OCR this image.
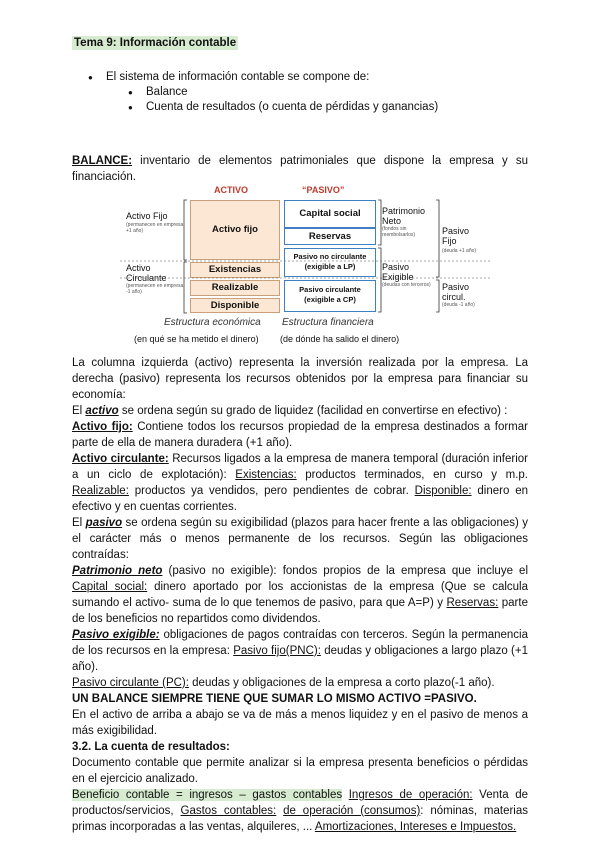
Tema 9: Información contable
● El sistema de información contable se compone de:
● Balance
● Cuenta de resultados (o cuenta de pérdidas y ganancias)
BALANCE: inventario de elementos patrimoniales que dispone la empresa y su financiación.
ACTIVO	“PASIVO”
Activo Fijo
(permanecen en empresa +1 año)
Activo Circulante
(permanecen en empresa -1 año)
Activo fijo
Existencias
Realizable
Disponible
Capital social
Reservas
Pasivo no circulante (exigible a LP)
Pasivo circulante (exigible a CP)
Patrimonio Neto
(fondos sin reembolsarlos)
Pasivo Exigible
(deudas con terceros)
Pasivo Fijo
(deuda +1 año)
Pasivo circul.
(deuda -1 año)
Estructura económica Estructura financiera
(en qué se ha metido el dinero) (de dónde ha salido el dinero)

La columna izquierda (activo) representa la inversión realizada por la empresa. La derecha (pasivo) representa los recursos obtenidos por la empresa para financiar su economía:

El activo se ordena según su grado de liquidez (facilidad en convertirse en efectivo) :

Activo fijo: Contiene todos los recursos propiedad de la empresa destinados a formar parte de ella de manera duradera (+1 año).

Activo circulante: Recursos ligados a la empresa de manera temporal (duración inferior a un ciclo de explotación): Existencias: productos terminados, en curso y m.p. Realizable: productos ya vendidos, pero pendientes de cobrar. Disponible: dinero en efectivo y en cuentas corrientes.

El pasivo se ordena según su exigibilidad (plazos para hacer frente a las obligaciones) y el carácter más o menos permanente de los recursos. Según las obligaciones contraídas:

Patrimonio neto (pasivo no exigible): fondos propios de la empresa que incluye el Capital social: dinero aportado por los accionistas de la empresa (Que se calcula sumando el activo- suma de lo que tenemos de pasivo, para que A=P) y Reservas: parte de los beneficios no repartidos como dividendos.

Pasivo exigible: obligaciones de pagos contraídas con terceros. Según la permanencia de los recursos en la empresa: Pasivo fijo(PNC): deudas y obligaciones a largo plazo (+1 año).

Pasivo circulante (PC): deudas y obligaciones de la empresa a corto plazo(-1 año).

UN BALANCE SIEMPRE TIENE QUE SUMAR LO MISMO ACTIVO =PASIVO.

En el activo de arriba a abajo se va de más a menos liquidez y en el pasivo de menos a más exigibilidad.

3.2. La cuenta de resultados:

Documento contable que permite analizar si la empresa presenta beneficios o pérdidas en el ejercicio analizado.

Beneficio contable = ingresos – gastos contables Ingresos de operación: Venta de productos/servicios, Gastos contables: de operación (consumos): nóminas, materias primas incorporadas a las ventas, alquileres, ... Amortizaciones, Intereses e Impuestos.
